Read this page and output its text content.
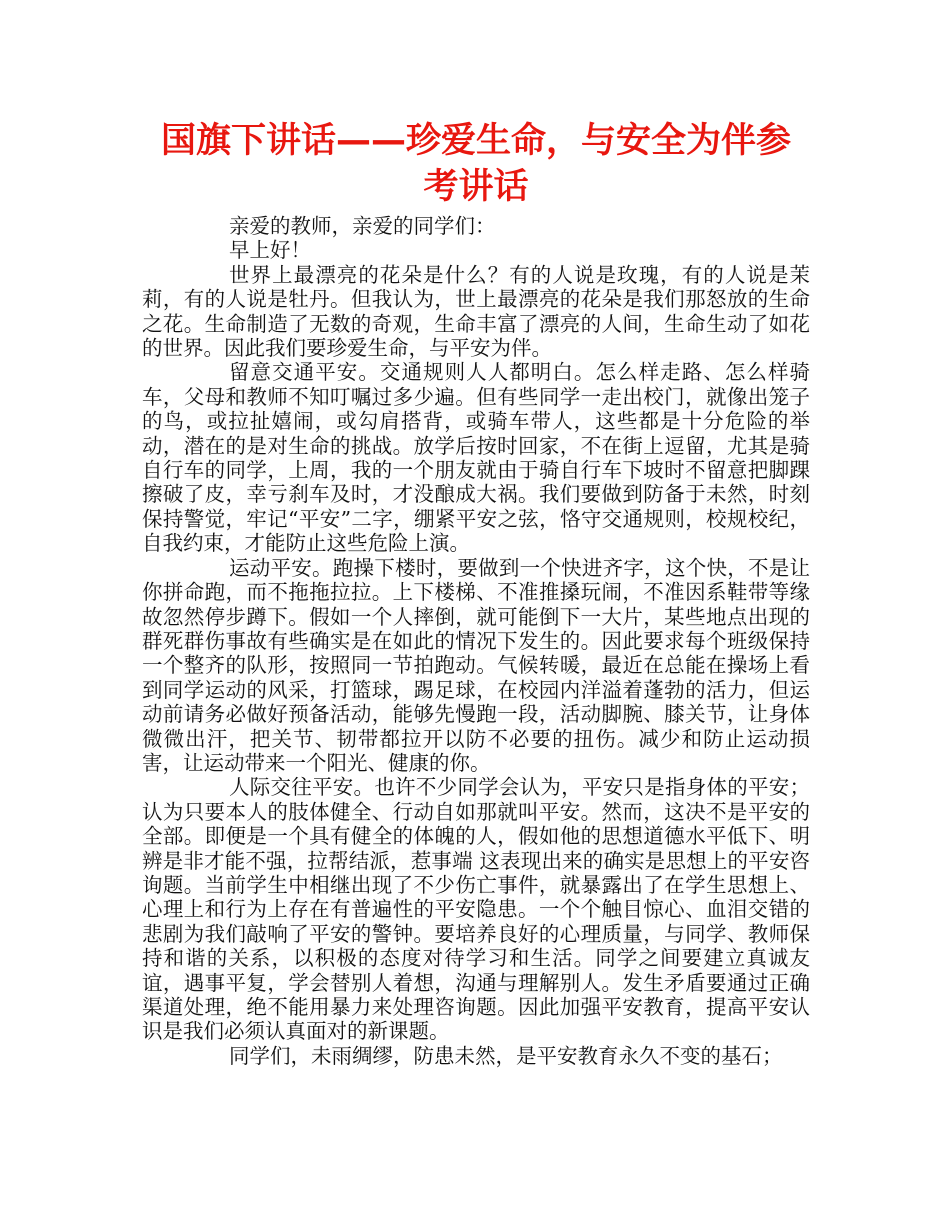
国旗下讲话——珍爱生命，与安全为伴参
考讲话

亲爱的教师，亲爱的同学们：

早上好！

世界上最漂亮的花朵是什么？有的人说是玫瑰，有的人说是茉莉，有的人说是牡丹。但我认为，世上最漂亮的花朵是我们那怒放的生命之花。生命制造了无数的奇观，生命丰富了漂亮的人间，生命生动了如花的世界。因此我们要珍爱生命，与平安为伴。

留意交通平安。交通规则人人都明白。怎么样走路、怎么样骑车，父母和教师不知叮嘱过多少遍。但有些同学一走出校门，就像出笼子的鸟，或拉扯嬉闹，或勾肩搭背，或骑车带人，这些都是十分危险的举动，潜在的是对生命的挑战。放学后按时回家，不在街上逗留，尤其是骑自行车的同学，上周，我的一个朋友就由于骑自行车下坡时不留意把脚踝擦破了皮，幸亏刹车及时，才没酿成大祸。我们要做到防备于未然，时刻保持警觉，牢记“平安”二字，绷紧平安之弦，恪守交通规则，校规校纪，自我约束，才能防止这些危险上演。

运动平安。跑操下楼时，要做到一个快进齐字，这个快，不是让你拼命跑，而不拖拖拉拉。上下楼梯、不准推搡玩闹，不准因系鞋带等缘故忽然停步蹲下。假如一个人摔倒，就可能倒下一大片，某些地点出现的群死群伤事故有些确实是在如此的情况下发生的。因此要求每个班级保持一个整齐的队形，按照同一节拍跑动。气候转暖，最近在总能在操场上看到同学运动的风采，打篮球，踢足球，在校园内洋溢着蓬勃的活力，但运动前请务必做好预备活动，能够先慢跑一段，活动脚腕、膝关节，让身体微微出汗，把关节、韧带都拉开以防不必要的扭伤。减少和防止运动损害，让运动带来一个阳光、健康的你。

人际交往平安。也许不少同学会认为，平安只是指身体的平安；认为只要本人的肢体健全、行动自如那就叫平安。然而，这决不是平安的全部。即便是一个具有健全的体魄的人，假如他的思想道德水平低下、明辨是非才能不强，拉帮结派，惹事端 这表现出来的确实是思想上的平安咨询题。当前学生中相继出现了不少伤亡事件，就暴露出了在学生思想上、心理上和行为上存在有普遍性的平安隐患。一个个触目惊心、血泪交错的悲剧为我们敲响了平安的警钟。要培养良好的心理质量，与同学、教师保持和谐的关系，以积极的态度对待学习和生活。同学之间要建立真诚友谊，遇事平复，学会替别人着想，沟通与理解别人。发生矛盾要通过正确渠道处理，绝不能用暴力来处理咨询题。因此加强平安教育，提高平安认识是我们必须认真面对的新课题。

同学们，未雨绸缪，防患未然，是平安教育永久不变的基石；
